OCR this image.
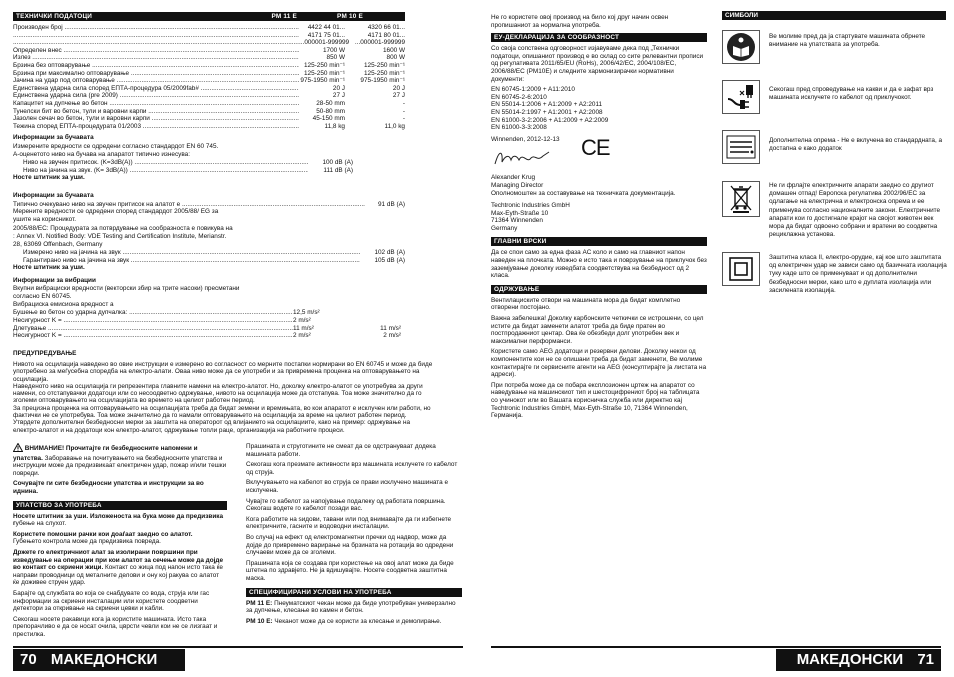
ТЕХНИЧКИ ПОДАТОЦИ	PM 11 E	PM 10 E
Производен број .....	4422 44 01...	4320 66 01...
.....
4171 75 01...	4171 80 01...
.....
...000001-999999 ...000001-999999
Определен внес .....	1700 W	1600 W
Излез .....	850 W	800 W
Брзина без оптоварување .....	125-250 min⁻¹	125-250 min⁻¹
Брзина при максимално оптоварување .....	125-250 min⁻¹	125-250 min⁻¹
Јачина на удар под оптоварување .....	975-1950 min⁻¹	975-1950 min⁻¹
Единствена ударна сила според ЕПТА-процедура 05/2009fab# .....	20 J	20 J
Единствена ударна сила (pre 2009) .....	27 J	27 J
Капацитет на дупчење во бетон .....	28-50 mm	-
Тунелски бит во бетон, тули и варовни карпи .....	50-80 mm	-
Јазолен сечач во бетон, тули и варовни карпи .....	45-150 mm	-
Тежина според ЕПТА-процедурата 01/2003 .....	11,8 kg	11,0 kg
Информации за бучавата
Измерените вредности се одредени согласно стандардот EN 60 745.
А-оценетото ниво на бучава на апаратот типично изнесува:
Ниво на звучен притисок. (K=3dB(A)) .....	100 dB (A)
Ниво на јачина на звук. (K= 3dB(A)) .....	111 dB (A)
Носте штитник за уши.
Информации за бучавата
Типично очекувано ниво на звучен притисок на алатот е .....	91 dB (A)
Мерените вредности се одредени според стандардот 2005/88/ EG за ушите на корисникот.
2005/88/ЕС: Процедурата за потврдување на сообразноста е повикува на : Annex VI. Notified Body: VDE Testing and Certification Institute, Merianstr. 28, 63069 Offenbach, Germany
Измерено ниво на јачина на звук .....	102 dB (A)
Гарантирано ниво на јачина на звук .....	105 dB (A)
Носте штитник за уши.
Информации за вибрации
Вкупни вибрациски вредности (векторски збир на трите насоки) пресметани согласно EN 60745.
Вибрациска емисиона вредност a
Бушење во бетон со ударна дупчалка: .....	12,5 m/s²
Несигурност K = .....	2 m/s²
Длетување .....	11 m/s²	11 m/s²
Несигурност K = .....	2 m/s²	2 m/s²
ПРЕДУПРЕДУВАЊЕ
Нивото на осцилација наведено во овие инструкции е измерено во согласност со мерните постапки нормирани во EN 60745 и може да биде употребено за меѓусебна споредба на електро-алати. Оваа ниво може да се употреби и за привремена проценка на оптоварувањето на осцилација.
Наведеното ниво на осцилација ги репрезентира главните намени на електро-алатот. Но, доколку електро-алатот се употребува за други намени, со отстапувачки додатоци или со несоодветно одржување, нивото на осцилација може да отстапува. Тоа може значително да го зголеми оптоварувањето на осцилацијата во времето на целиот работен период.
За прецизна проценка на оптоварувањето на осцилацијата треба да бидат земени и времињата, во кои апаратот е исклучен или работи, но фактички не се употребува. Тоа може значително да го намали оптоварувањето на осцилација за време на целиот работен период.
Утврдете дополнителни безбедносни мерки за заштита на операторот од влијанието на осцилациите, како на пример: одржување на електро-алатот и на додатоци кон електро-алатот, одржување топли раце, организација на работните процеси.

ВНИМАНИЕ! Прочитајте ги безбедносните напомени и упатства. Заборавање на почитувањето на безбедносните упатства и инструкции може да предизвикаат електричен удар, пожар и/или тешки повреди.

Сочувајте ги сите безбедносни упатства и инструкции за во иднина.

УПАТСТВО ЗА УПОТРЕБА

Носете штитник за уши. Изложеноста на бука може да предизвика губење на слухот.

Користете помошни рачки кои доаѓаат заедно со алатот.
Губењето контрола може да предизвика повреда.

Држете го електричниот алат за изолирани површини при изведување на операции при кои алатот за сечење може да дојде во контакт со скриени жици. Контакт со жица под напон исто така ќе направи проводници од металните делови и ону кој ракува со алатот ќе доживее струен удар.

Барајте од службата во која се снабдувате со вода, струја или гас информации за скриени инсталации или користете соодветни детектори за откривање на скриени цевки и кабли.

Секогаш носете ракавици кога ја користите машината. Исто така препорачливо е да се носат очила, цврсти чевли кои не се лизгаат и престилка.

Прашината и струготините не смеат да се одстрануваат додека машината работи.

Секогаш кога презмате активности врз машината исклучете го кабелот од струја.

Вклучувањето на кабелот во струја се прави исклучено машината е исклучена.

Чувајте го кабелот за напојување подалеку од работата површина. Секогаш водете го кабелот позади вас.

Кога работите на ѕидови, тавани или под внимавајте да ги избегнете електричните, гасните и водоводни инсталации.

Во случај на ефект од електромагнетни пречки од надвор, може да дојде до привремено варирање на брзината на ротација во одредени случаеви може да се зголеми.

Прашината која се создава при користење на овој алат може да биде штетна по здравјето. Не ја вдишувајте. Носете соодветна заштитна маска.

СПЕЦИФИЦИРАНИ УСЛОВИ НА УПОТРЕБА

PM 11 E: Пнеуматскиот чекан може да биде употребуван универзално за дупчење, клесање во камен и бетон.

PM 10 E: Чеканот може да се користи за клесање и демолирање.

70 МАКЕДОНСКИ

Не го користете овој производ на било кој друг начин освен пропишаниот за нормална употреба.

ЕУ-ДЕКЛАРАЦИЈА ЗА СООБРАЗНОСТ

Со своја сопствена одговорност изјавуваме дека под „Технички податоци, опишаниот производ е во склад со сите релевантни прописи од регулативата 2011/65/EU (RoHs), 2006/42/EC, 2004/108/EC, 2006/88/EC (PM10E) и следните хармонизирачки нормативни документи:

EN 60745-1:2009 + A11:2010
EN 60745-2-6:2010
EN 55014-1:2006 + A1:2009 + A2:2011
EN 55014-2:1997 + A1:2001 + A2:2008
EN 61000-3-2:2006 + A1:2009 + A2:2009
EN 61000-3-3:2008
Winnenden, 2012-12-13 CE
Alexander Krug
Managing Director
Ополномоштен за составување на техничката документација.
Techtronic Industries GmbH
Max-Eyth-Straße 10
71364 Winnenden
Germany
ГЛАВНИ ВРСКИ

Да се спои само за една фаза AC коло и само на главниот напон наведен на плочката. Можно е исто така и поврзување на приклучок без заземјување доколку изведбата соодветствува на безбедност од 2 класа.

ОДРЖУВАЊЕ

Вентилациските отвори на машината мора да бидат комплетно отворени постојано.

Важна забелешка! Доколку карбонските четкички се истрошени, со цел истите да бидат заменети алатот треба да биде пратен во постпродажниот центар. Ова ќе обезбеди долг употребен век и максимални перформанси.

Користете само AEG додатоци и резервни делови. Доколку некои од компонентите кои не се опишани треба да бидат заменети, Ве молиме контактирајте ги сервисните агенти на AEG (консултирајте ја листата на адреси).

При потреба може да се побара експлозионен цртеж на апаратот со наведување на машинскиот тип и шестоцифрениот број на таблицата со учинокот или во Вашата корисничка служба или директно кај Techtronic Industries GmbH, Max-Eyth-Straße 10, 71364 Winnenden, Германија.

СИМБОЛИ
Ве молиме пред да ја стартувате машината обрнете внимание на упатствата за употреба.
Секогаш пред спроведување на какви и да е зафат врз машината исклучете го кабелот од приклучокот.
Дополнителна опрема - Не е вклучена во стандардната, а достапна е како додаток
Не ги фрлајте електричните апарати заедно со другиот домашен отпад! Европска регулатива 2002/96/ЕС за одлагање на електрична и електронска опрема и ее применува согласно националните закони. Електричните апарати кои го достигнале крајот на својот животен век мора да бидат одвоено собрани и вратени во соодветна рециклажна установа.
Заштитна класа II, електро-орудие, кај кое што заштитата од електричен удар не зависи само од базичната изолација туку каде што се применуваат и од дополнителни безбедносни мерки, како што е дуплата изолација или засилената изолација.
МАКЕДОНСКИ 71
